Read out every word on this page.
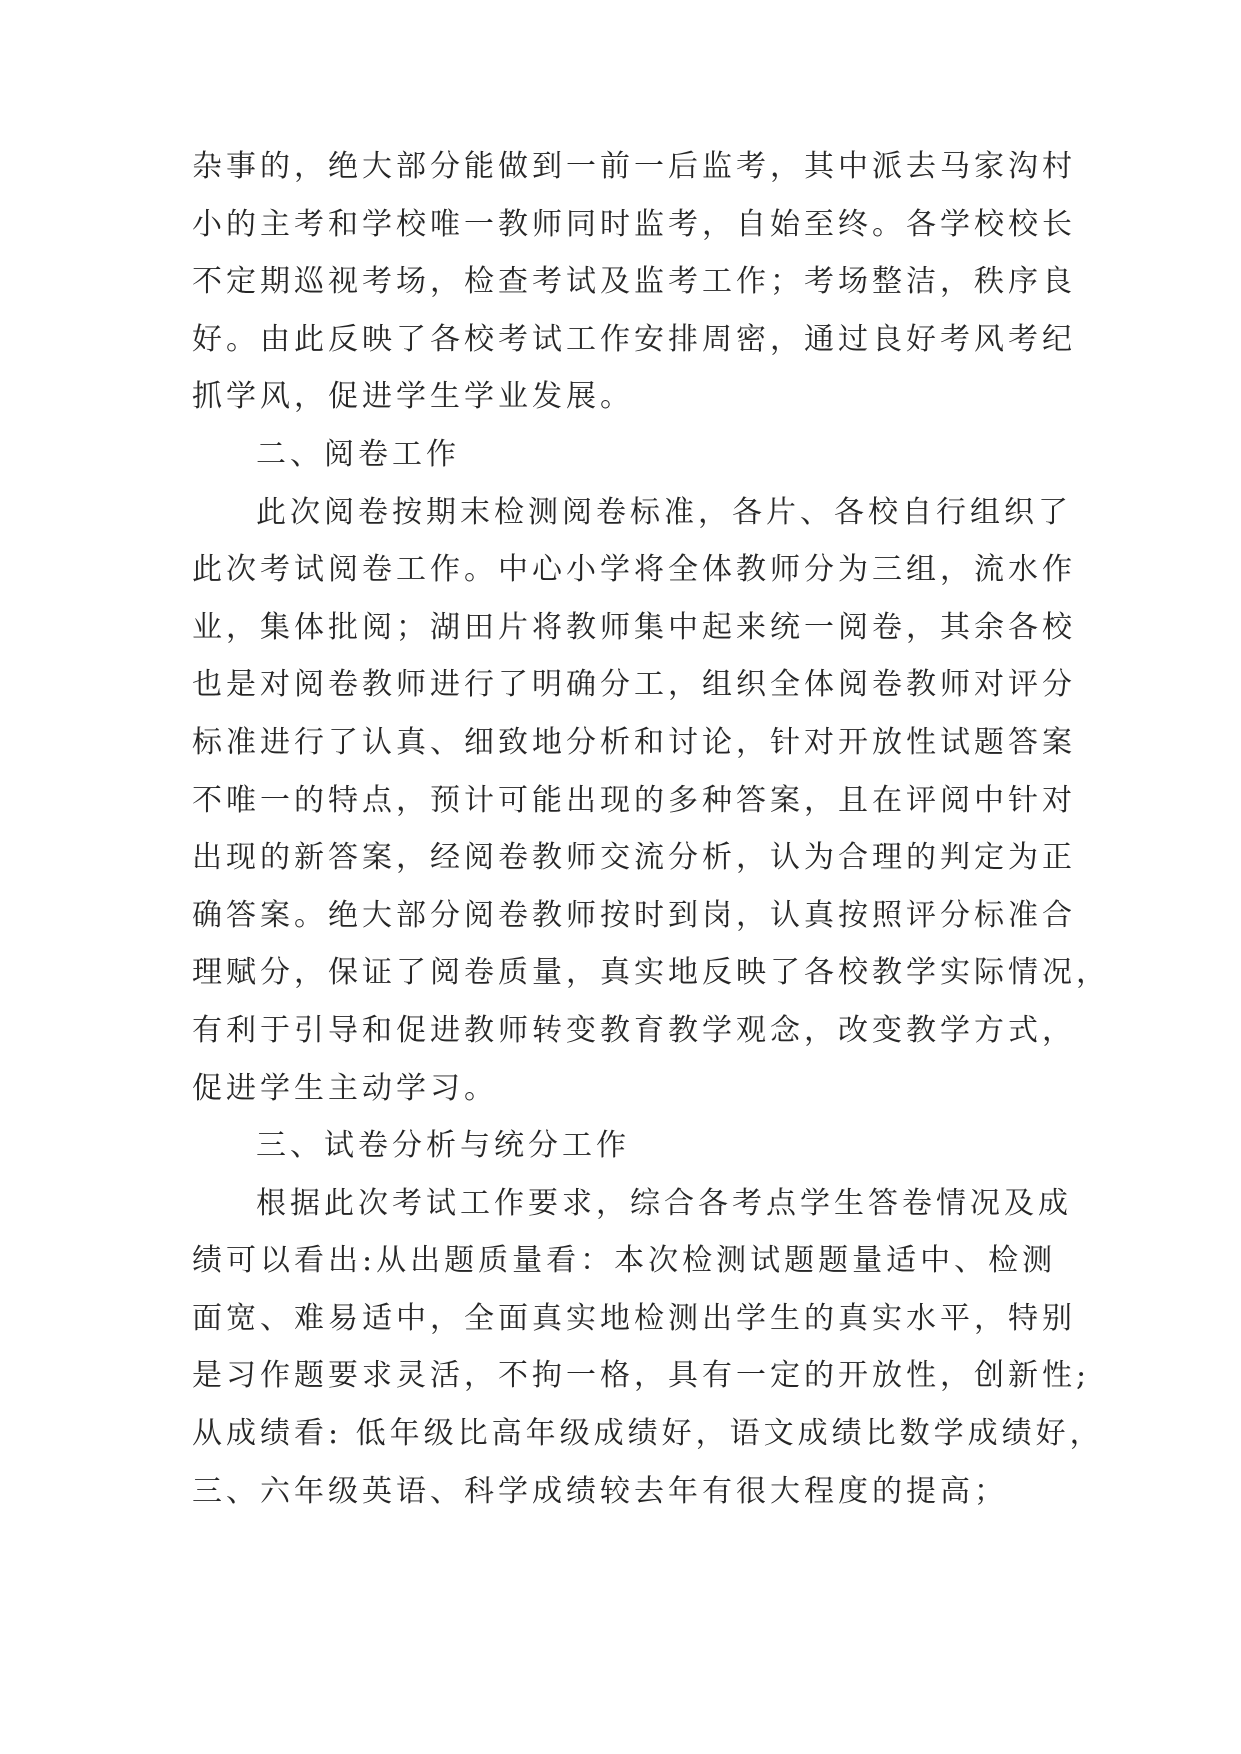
杂事的，绝大部分能做到一前一后监考，其中派去马家沟村
小的主考和学校唯一教师同时监考，自始至终。各学校校长
不定期巡视考场，检查考试及监考工作；考场整洁，秩序良
好。由此反映了各校考试工作安排周密，通过良好考风考纪
抓学风，促进学生学业发展。
二、阅卷工作
此次阅卷按期末检测阅卷标准，各片、各校自行组织了
此次考试阅卷工作。中心小学将全体教师分为三组，流水作
业，集体批阅；湖田片将教师集中起来统一阅卷，其余各校
也是对阅卷教师进行了明确分工，组织全体阅卷教师对评分
标准进行了认真、细致地分析和讨论，针对开放性试题答案
不唯一的特点，预计可能出现的多种答案，且在评阅中针对
出现的新答案，经阅卷教师交流分析，认为合理的判定为正
确答案。绝大部分阅卷教师按时到岗，认真按照评分标准合
理赋分，保证了阅卷质量，真实地反映了各校教学实际情况，
有利于引导和促进教师转变教育教学观念，改变教学方式，
促进学生主动学习。
三、试卷分析与统分工作
根据此次考试工作要求，综合各考点学生答卷情况及成
绩可以看出:从出题质量看：本次检测试题题量适中、检测
面宽、难易适中，全面真实地检测出学生的真实水平，特别
是习作题要求灵活，不拘一格，具有一定的开放性，创新性;
从成绩看: 低年级比高年级成绩好，语文成绩比数学成绩好，
三、六年级英语、科学成绩较去年有很大程度的提高；
